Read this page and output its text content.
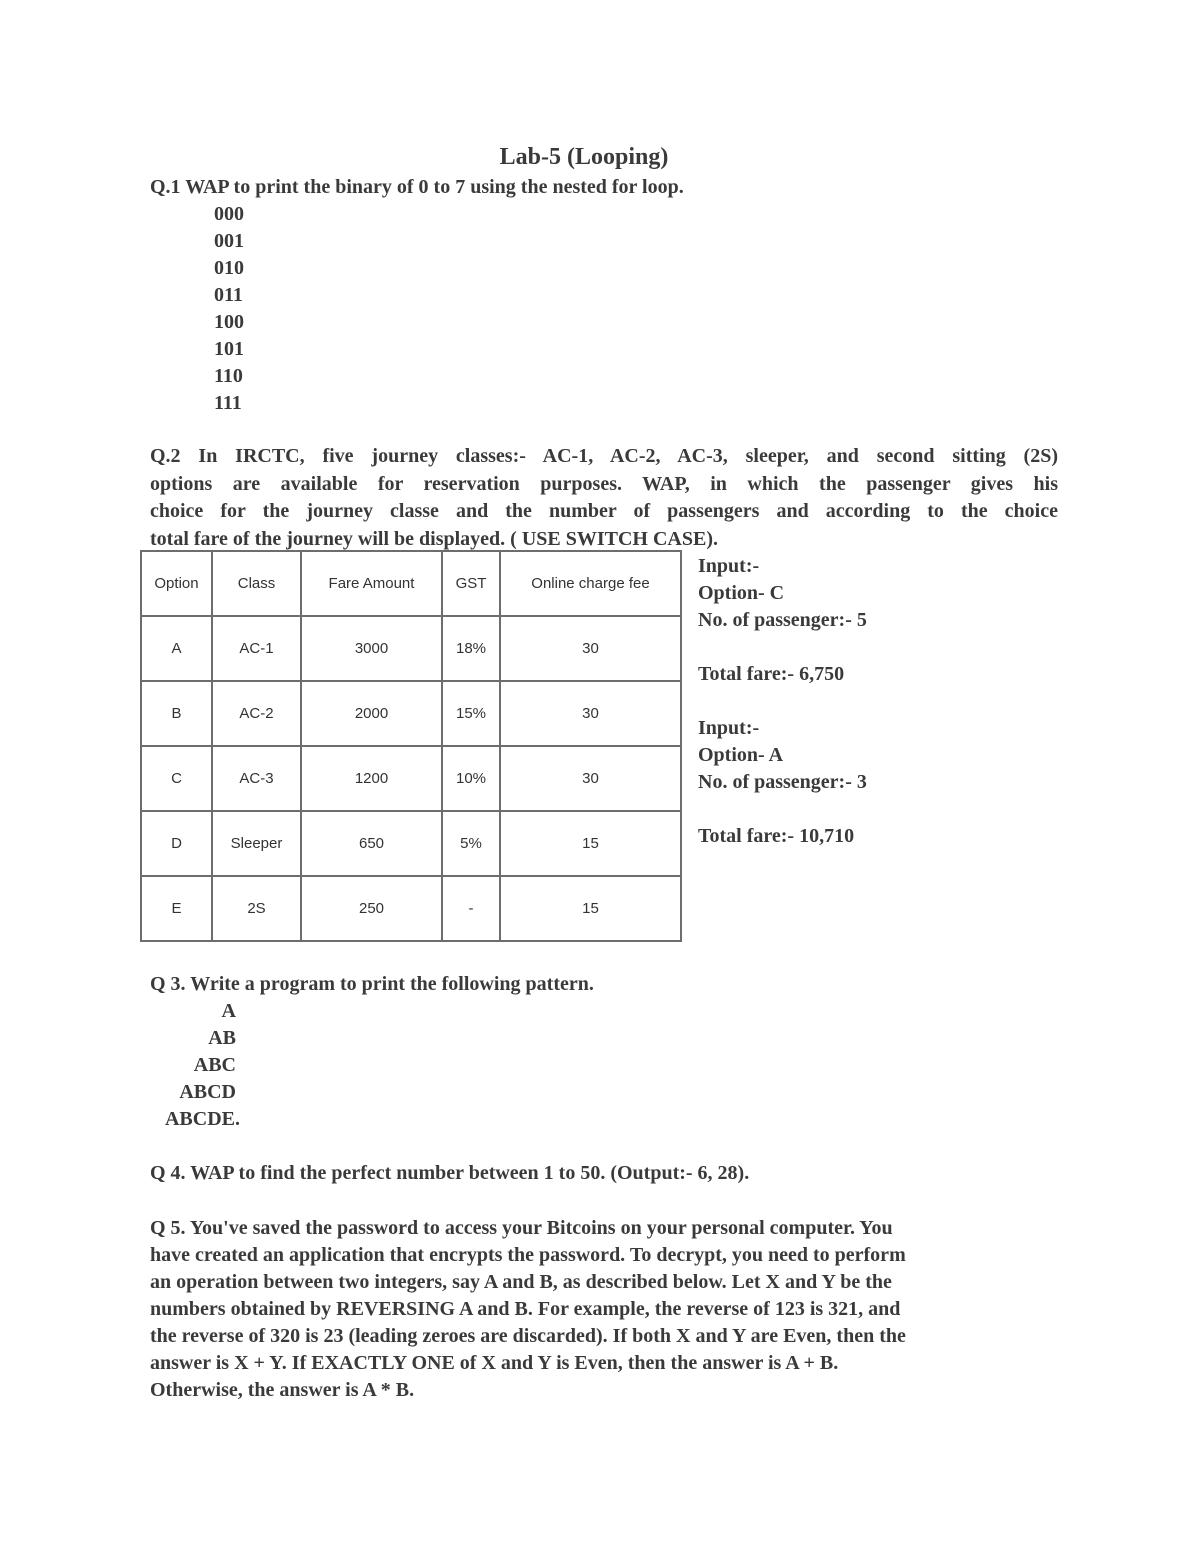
Lab-5 (Looping)
Q.1 WAP to print the binary of 0 to 7 using the nested for loop.
000
001
010
011
100
101
110
111
Q.2 In IRCTC, five journey classes:- AC-1, AC-2, AC-3, sleeper, and second sitting (2S)
options are available for reservation purposes. WAP, in which the passenger gives his
choice for the journey classe and the number of passengers and according to the choice
total fare of the journey will be displayed. ( USE SWITCH CASE).
Option	Class	Fare Amount	GST	Online charge fee
A	AC-1	3000	18%	30
B	AC-2	2000	15%	30
C	AC-3	1200	10%	30
D	Sleeper	650	5%	15
E	2S	250	-	15
Input:-
Option- C
No. of passenger:- 5
Total fare:- 6,750
Input:-
Option- A
No. of passenger:- 3
Total fare:- 10,710
Q 3. Write a program to print the following pattern.
A
AB
ABC
ABCD
ABCDE.
Q 4. WAP to find the perfect number between 1 to 50. (Output:- 6, 28).
Q 5. You've saved the password to access your Bitcoins on your personal computer. You
have created an application that encrypts the password. To decrypt, you need to perform
an operation between two integers, say A and B, as described below. Let X and Y be the
numbers obtained by REVERSING A and B. For example, the reverse of 123 is 321, and
the reverse of 320 is 23 (leading zeroes are discarded). If both X and Y are Even, then the
answer is X + Y. If EXACTLY ONE of X and Y is Even, then the answer is A + B.
Otherwise, the answer is A * B.
